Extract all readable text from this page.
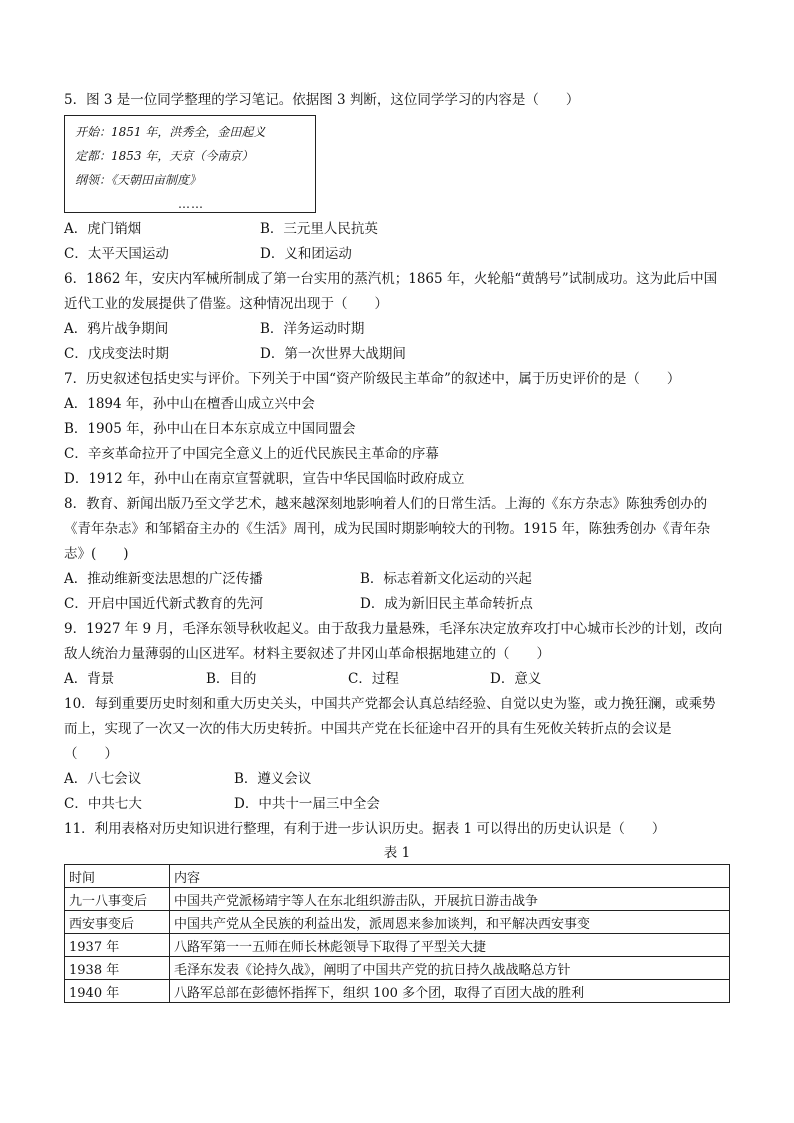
5．图 3 是一位同学整理的学习笔记。依据图 3 判断，这位同学学习的内容是（　　）
开始：1851 年，洪秀全，金田起义
定都：1853 年，天京（今南京）
纲领：《天朝田亩制度》
……
A．虎门销烟	B．三元里人民抗英
C．太平天国运动	D．义和团运动
6．1862 年，安庆内军械所制成了第一台实用的蒸汽机；1865 年，火轮船“黄鹄号”试制成功。这为此后中国
近代工业的发展提供了借鉴。这种情况出现于（　　）
A．鸦片战争期间	B．洋务运动时期
C．戊戌变法时期	D．第一次世界大战期间
7．历史叙述包括史实与评价。下列关于中国“资产阶级民主革命”的叙述中，属于历史评价的是（　　）
A．1894 年，孙中山在檀香山成立兴中会
B．1905 年，孙中山在日本东京成立中国同盟会
C．辛亥革命拉开了中国完全意义上的近代民族民主革命的序幕
D．1912 年，孙中山在南京宣誓就职，宣告中华民国临时政府成立
8．教育、新闻出版乃至文学艺术，越来越深刻地影响着人们的日常生活。上海的《东方杂志》陈独秀创办的
《青年杂志》和邹韬奋主办的《生活》周刊，成为民国时期影响较大的刊物。1915 年，陈独秀创办《青年杂
志》(　　)
A．推动维新变法思想的广泛传播	B．标志着新文化运动的兴起
C．开启中国近代新式教育的先河	D．成为新旧民主革命转折点
9．1927 年 9 月，毛泽东领导秋收起义。由于敌我力量悬殊，毛泽东决定放弃攻打中心城市长沙的计划，改向
敌人统治力量薄弱的山区进军。材料主要叙述了井冈山革命根据地建立的（　　）
A．背景	B．目的	C．过程	D．意义
10．每到重要历史时刻和重大历史关头，中国共产党都会认真总结经验、自觉以史为鉴，或力挽狂澜，或乘势
而上，实现了一次又一次的伟大历史转折。中国共产党在长征途中召开的具有生死攸关转折点的会议是
（　　）
A．八七会议	B．遵义会议
C．中共七大	D．中共十一届三中全会
11．利用表格对历史知识进行整理，有利于进一步认识历史。据表 1 可以得出的历史认识是（　　）
表 1
时间	内容
九一八事变后	中国共产党派杨靖宇等人在东北组织游击队，开展抗日游击战争
西安事变后	中国共产党从全民族的利益出发，派周恩来参加谈判，和平解决西安事变
1937 年	八路军第一一五师在师长林彪领导下取得了平型关大捷
1938 年	毛泽东发表《论持久战》，阐明了中国共产党的抗日持久战战略总方针
1940 年	八路军总部在彭德怀指挥下，组织 100 多个团，取得了百团大战的胜利
